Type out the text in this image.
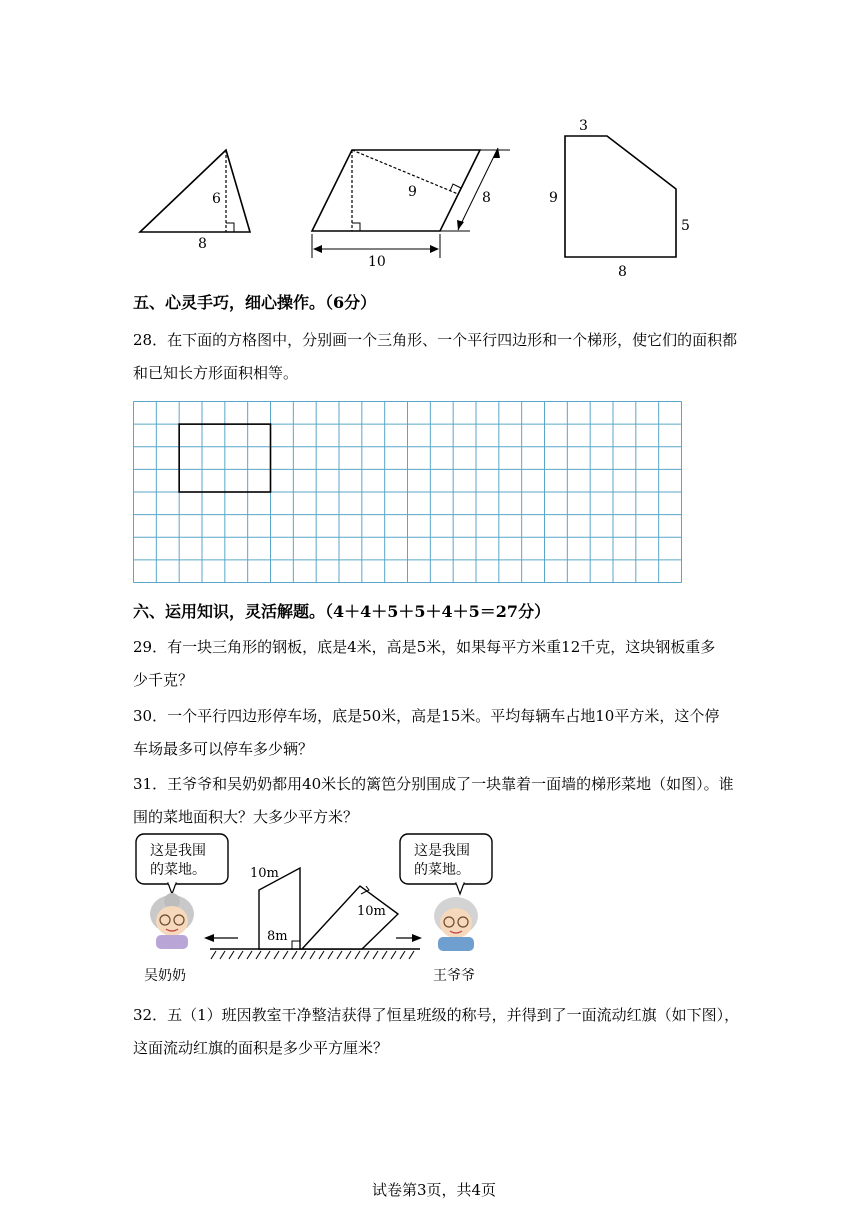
6
8
9	8
10
3
9
5
8
五、心灵手巧，细心操作。（6分）
28．在下面的方格图中，分别画一个三角形、一个平行四边形和一个梯形，使它们的面积都
和已知长方形面积相等。
六、运用知识，灵活解题。（4＋4＋5＋5＋4＋5＝27分）
29．有一块三角形的钢板，底是4米，高是5米，如果每平方米重12千克，这块钢板重多
少千克？
30．一个平行四边形停车场，底是50米，高是15米。平均每辆车占地10平方米，这个停
车场最多可以停车多少辆？
31．王爷爷和吴奶奶都用40米长的篱笆分别围成了一块靠着一面墙的梯形菜地（如图）。谁
围的菜地面积大？大多少平方米？
这是我围
的菜地。
吴奶奶
10m
8m
10m
这是我围
的菜地。
王爷爷
32．五（1）班因教室干净整洁获得了恒星班级的称号，并得到了一面流动红旗（如下图），
这面流动红旗的面积是多少平方厘米？
试卷第3页，共4页
